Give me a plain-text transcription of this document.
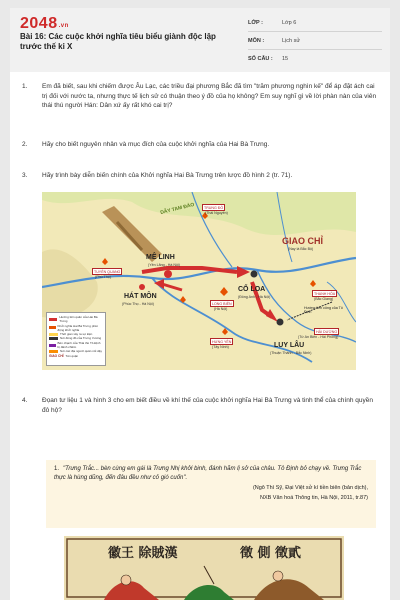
2048.vn
Bài 16: Các cuộc khởi nghĩa tiêu biểu giành độc lập trước thế kỉ X
LỚP :	Lớp 6
MÔN :	Lịch sử
SỐ CÂU :	15
1.	Em đã biết, sau khi chiếm được Âu Lạc, các triều đại phương Bắc đã tìm "trăm phương nghìn kế" để áp đặt ách cai trị đối với nước ta, nhưng thực tế lịch sử có thuận theo ý đồ của họ không? Em suy nghĩ gì về lời phàn nàn của viên thái thú người Hán: Dân xứ ấy rất khó cai trị?
2.	Hãy cho biết nguyên nhân và mục đích của cuộc khởi nghĩa của Hai Bà Trưng.
3.	Hãy trình bày diễn biến chính của Khởi nghĩa Hai Bà Trưng trên lược đồ hình 2 (tr. 71).
DÃY TAM ĐẢO
GIAO CHỈ
(Nay là Bắc Bộ)
MÊ LINH
(Yên Lãng - Hà Nội)
HÁT MÔN
(Phúc Thọ - Hà Nội)
CỔ LOA
(Đông Anh - Hà Nội)
LUY LÂU
(Thuận Thành - Bắc Ninh)
TRUNG ĐÔ
(Thái Nguyên)
TUYÊN QUANG
(Phú Thọ)
LONG BIÊN
(Hà Nội)
HƯNG YÊN
(Tây Ninh)
THANH HÓA
(Bắc Giang)
HẢI DƯƠNG
(Tứ An Biên - Hải Phòng)
Hướng tiến công của Tô Định
Hướng tiến quân của Hai Bà Trưng
Khởi nghĩa Hai Bà Trưng phát động khởi nghĩa
Thời gian xảy ra sự kiện
Nơi đóng đô của Trưng Vương
Bên chạnh của Thái thú Tô Định bị đánh chiếm
Nơi các địa người quân nổi dậy
GIAO CHỈ Tên quận
4.	Đọan tư liệu 1 và hình 3 cho em biết điều về khí thế của cuộc khởi nghĩa Hai Bà Trưng và tinh thể của chính quyền đô hộ?
1. "Trưng Trắc... bèn cùng em gái là Trưng Nhị khởi binh, đánh hãm lị sở của châu. Tô Định bỏ chạy về. Trưng Trắc thực là hùng dũng, đến đâu đều như cỏ gió cuốn".
(Ngô Thì Sỹ, Đại Việt sử kí tiền biên (bản dịch),
NXB Văn hoá Thông tin, Hà Nội, 2011, tr.87)
徽王 除賊漢	徵 側 徵貳
